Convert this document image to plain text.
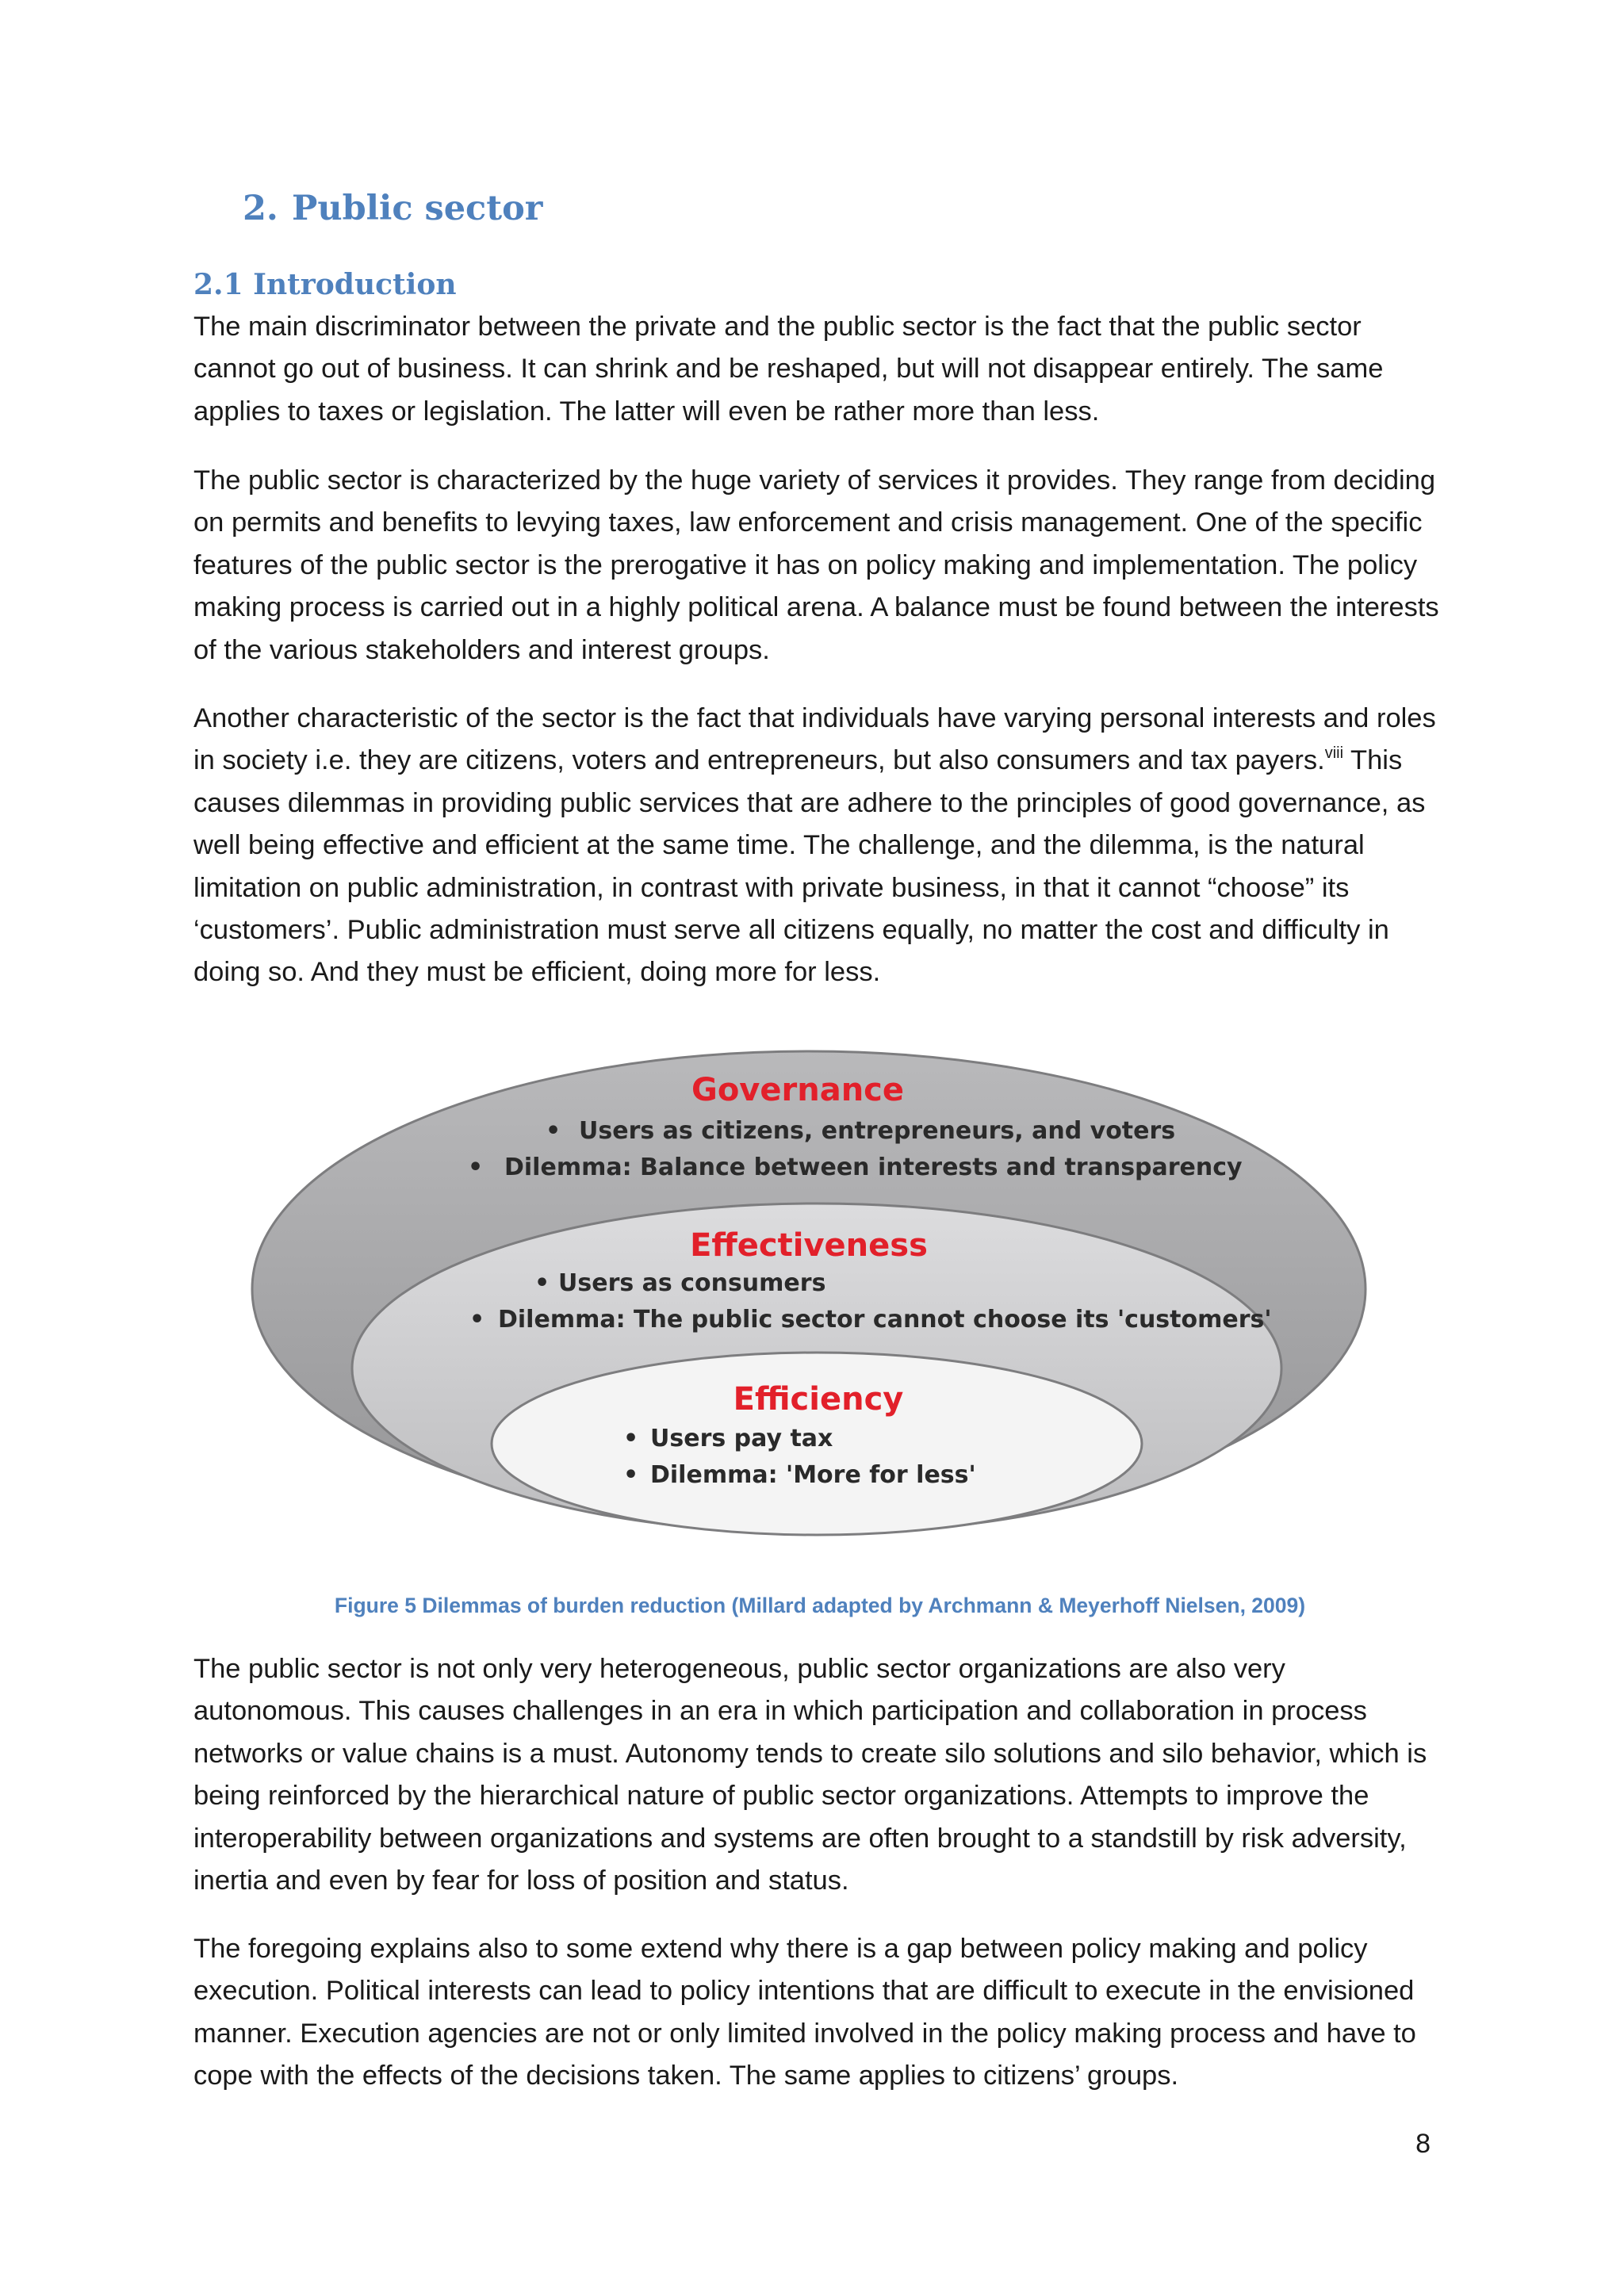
2. Public sector
2.1 Introduction

The main discriminator between the private and the public sector is the fact that the public sector cannot go out of business. It can shrink and be reshaped, but will not disappear entirely. The same applies to taxes or legislation. The latter will even be rather more than less.

The public sector is characterized by the huge variety of services it provides. They range from deciding on permits and benefits to levying taxes, law enforcement and crisis management. One of the specific features of the public sector is the prerogative it has on policy making and implementation. The policy making process is carried out in a highly political arena. A balance must be found between the interests of the various stakeholders and interest groups.

Another characteristic of the sector is the fact that individuals have varying personal interests and roles in society i.e. they are citizens, voters and entrepreneurs, but also consumers and tax payers.$^{viii}$ This causes dilemmas in providing public services that are adhere to the principles of good governance, as well being effective and efficient at the same time. The challenge, and the dilemma, is the natural limitation on public administration, in contrast with private business, in that it cannot “choose” its ‘customers’. Public administration must serve all citizens equally, no matter the cost and difficulty in doing so. And they must be efficient, doing more for less.

Governance
• Users as citizens, entrepreneurs, and voters
• Dilemma: Balance between interests and transparency
Effectiveness
• Users as consumers
• Dilemma: The public sector cannot choose its 'customers'
Efficiency
• Users pay tax
• Dilemma: 'More for less'
Figure 5 Dilemmas of burden reduction (Millard adapted by Archmann & Meyerhoff Nielsen, 2009)

The public sector is not only very heterogeneous, public sector organizations are also very autonomous. This causes challenges in an era in which participation and collaboration in process networks or value chains is a must. Autonomy tends to create silo solutions and silo behavior, which is being reinforced by the hierarchical nature of public sector organizations. Attempts to improve the interoperability between organizations and systems are often brought to a standstill by risk adversity, inertia and even by fear for loss of position and status.

The foregoing explains also to some extend why there is a gap between policy making and policy execution. Political interests can lead to policy intentions that are difficult to execute in the envisioned manner. Execution agencies are not or only limited involved in the policy making process and have to cope with the effects of the decisions taken. The same applies to citizens’ groups.

8
